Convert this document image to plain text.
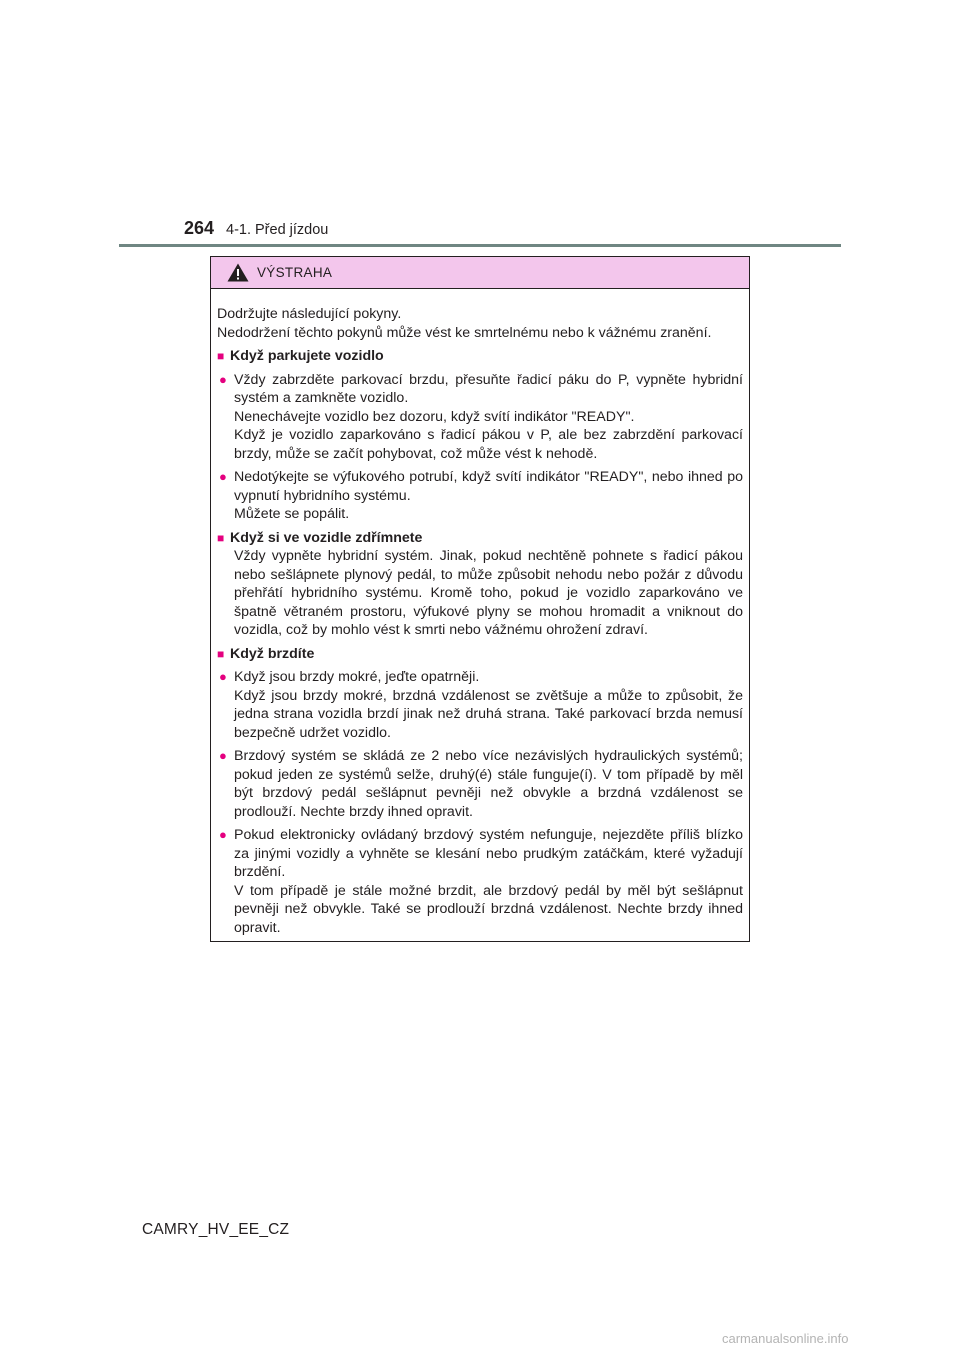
264 4-1. Před jízdou
VÝSTRAHA

Dodržujte následující pokyny.

Nedodržení těchto pokynů může vést ke smrtelnému nebo k vážnému zranění.

■ Když parkujete vozidlo
● Vždy zabrzděte parkovací brzdu, přesuňte řadicí páku do P, vypněte hybridní systém a zamkněte vozidlo.

Nenechávejte vozidlo bez dozoru, když svítí indikátor "READY".

Když je vozidlo zaparkováno s řadicí pákou v P, ale bez zabrzdění parkovací brzdy, může se začít pohybovat, což může vést k nehodě.

● Nedotýkejte se výfukového potrubí, když svítí indikátor "READY", nebo ihned po vypnutí hybridního systému.

Můžete se popálit.

■ Když si ve vozidle zdřímnete

Vždy vypněte hybridní systém. Jinak, pokud nechtěně pohnete s řadicí pákou nebo sešlápnete plynový pedál, to může způsobit nehodu nebo požár z důvodu přehřátí hybridního systému. Kromě toho, pokud je vozidlo zaparkováno ve špatně větraném prostoru, výfukové plyny se mohou hromadit a vniknout do vozidla, což by mohlo vést k smrti nebo vážnému ohrožení zdraví.

■ Když brzdíte
● Když jsou brzdy mokré, jeďte opatrněji.

Když jsou brzdy mokré, brzdná vzdálenost se zvětšuje a může to způsobit, že jedna strana vozidla brzdí jinak než druhá strana. Také parkovací brzda nemusí bezpečně udržet vozidlo.

● Brzdový systém se skládá ze 2 nebo více nezávislých hydraulických systémů; pokud jeden ze systémů selže, druhý(é) stále funguje(í). V tom případě by měl být brzdový pedál sešlápnut pevněji než obvykle a brzdná vzdálenost se prodlouží. Nechte brzdy ihned opravit.

● Pokud elektronicky ovládaný brzdový systém nefunguje, nejezděte příliš blízko za jinými vozidly a vyhněte se klesání nebo prudkým zatáčkám, které vyžadují brzdění.

V tom případě je stále možné brzdit, ale brzdový pedál by měl být sešlápnut pevněji než obvykle. Také se prodlouží brzdná vzdálenost. Nechte brzdy ihned opravit.

CAMRY_HV_EE_CZ
carmanualsonline.info
